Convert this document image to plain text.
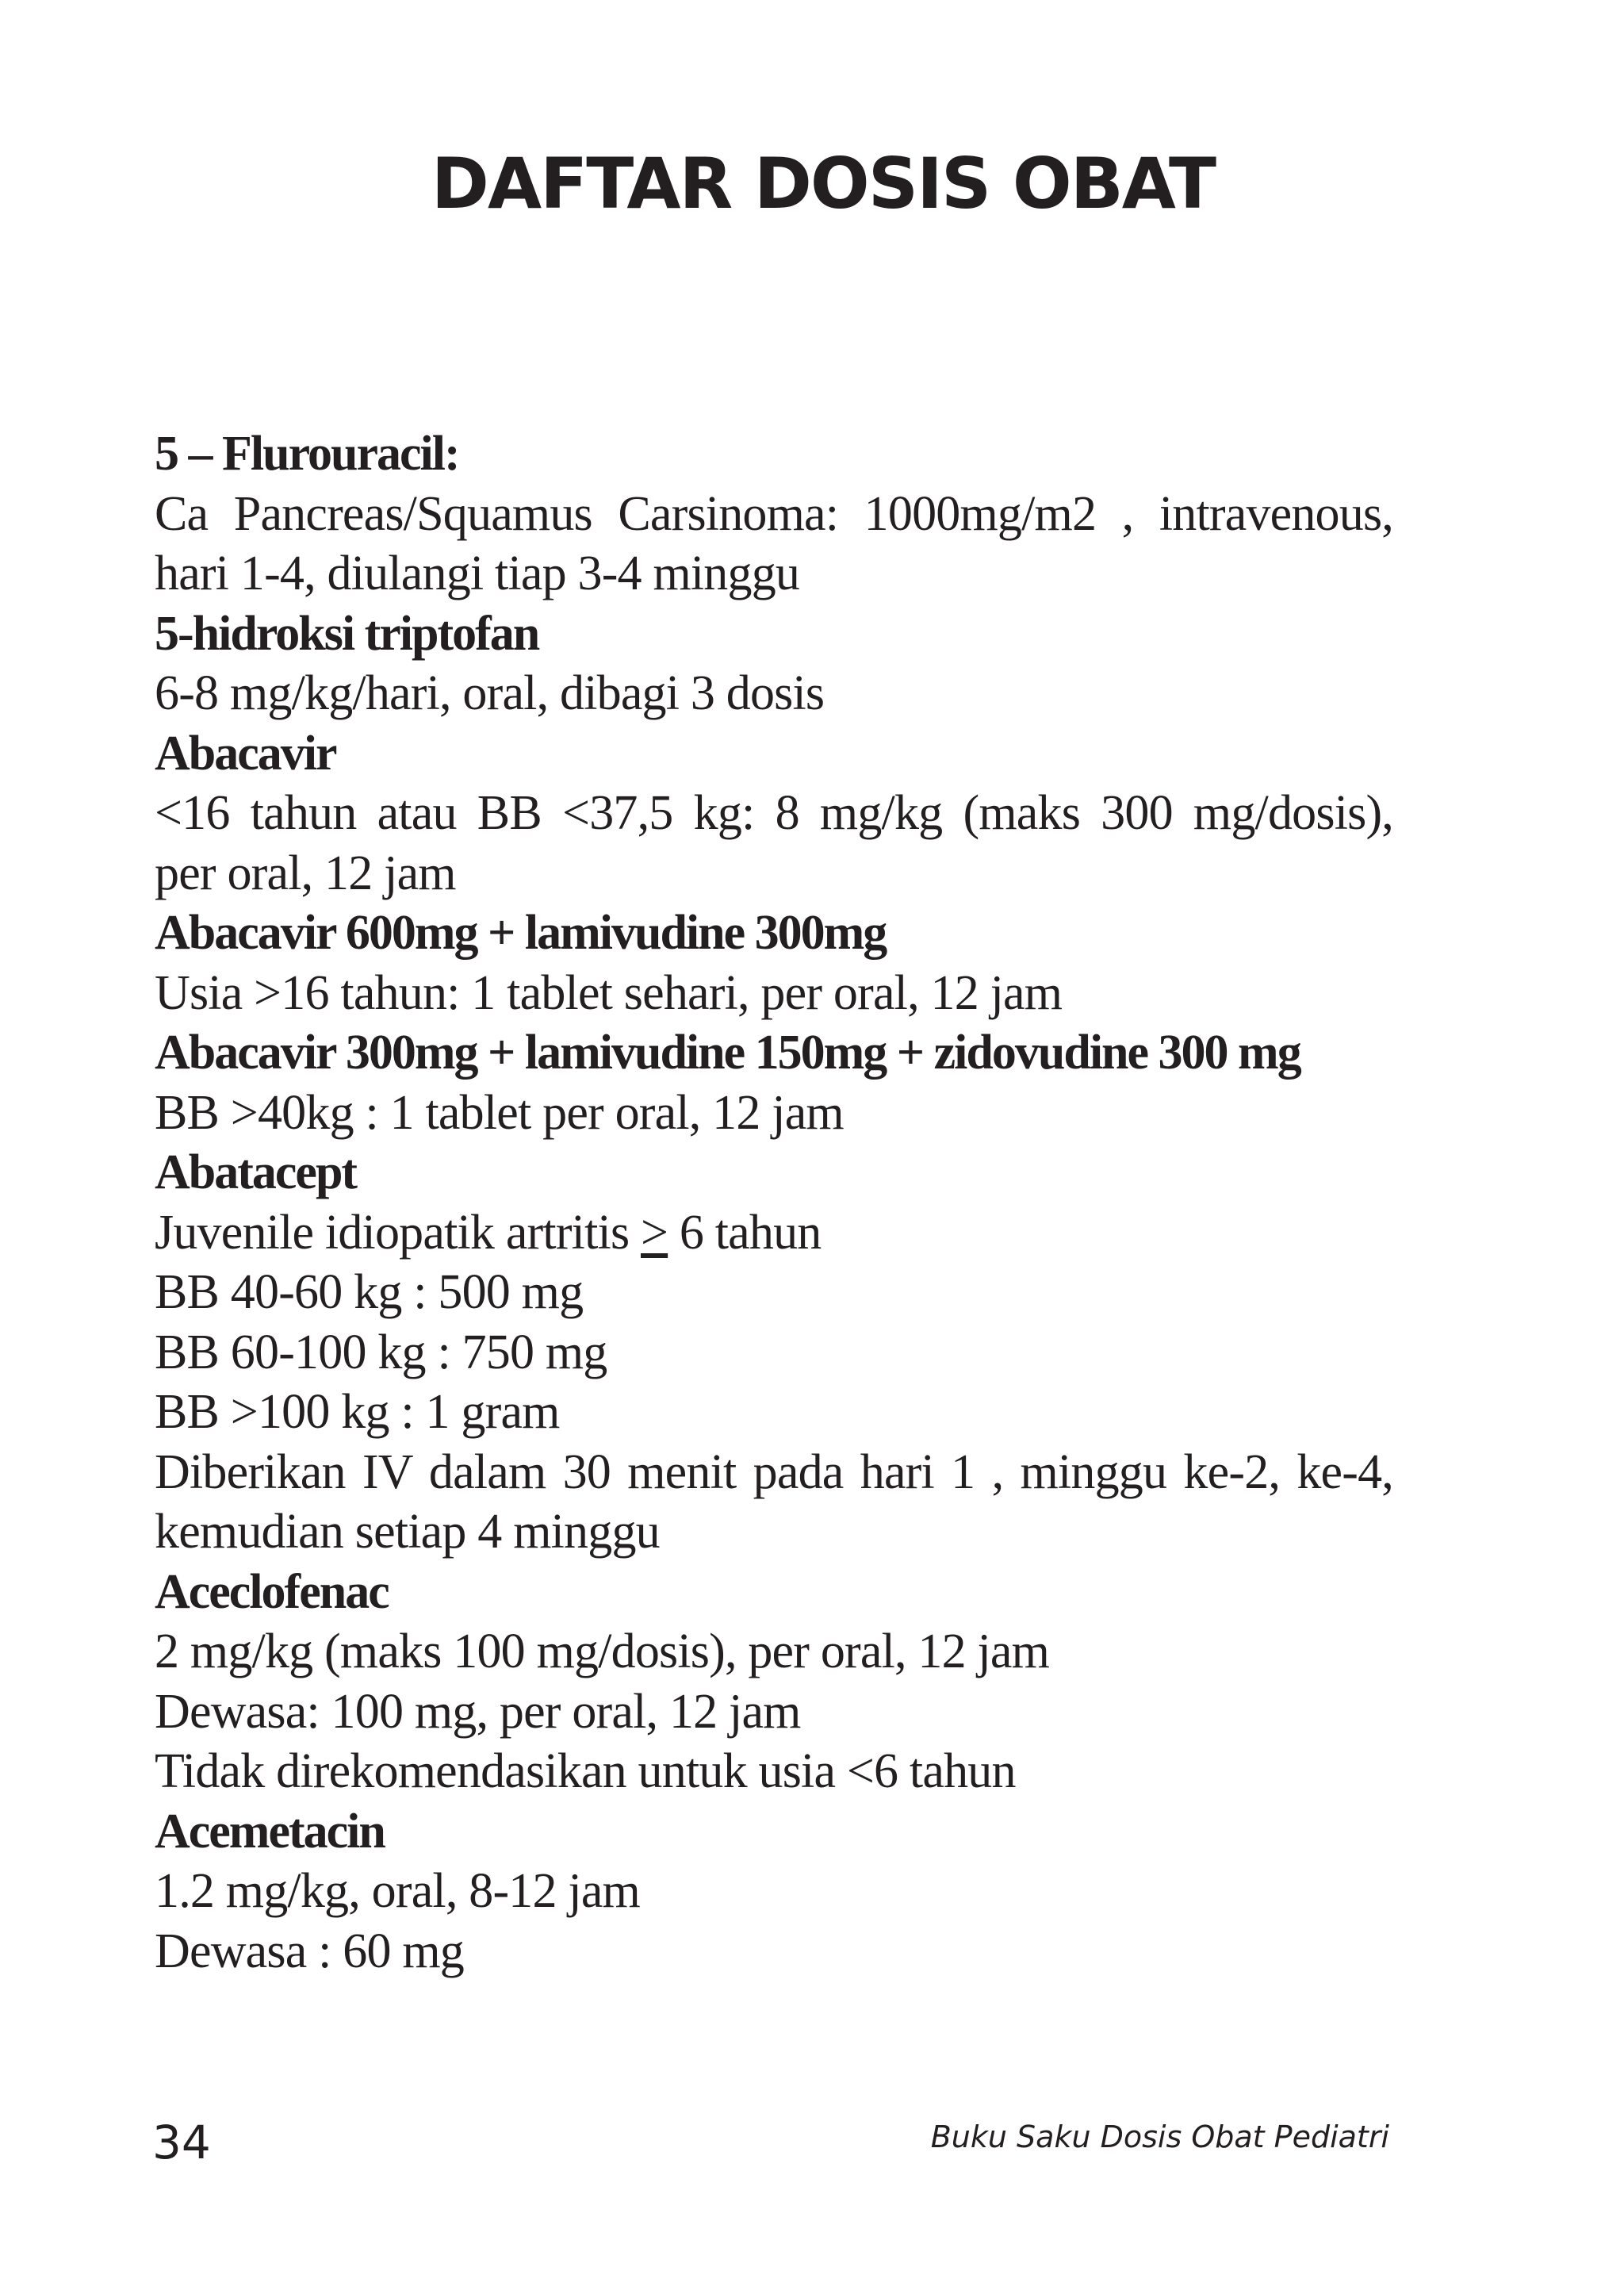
DAFTAR DOSIS OBAT
5 – Flurouracil:
Ca Pancreas/Squamus Carsinoma: 1000mg/m2 , intravenous,
hari 1-4, diulangi tiap 3-4 minggu
5-hidroksi triptofan
6-8 mg/kg/hari, oral, dibagi 3 dosis
Abacavir
<16 tahun atau BB <37,5 kg: 8 mg/kg (maks 300 mg/dosis),
per oral, 12 jam
Abacavir 600mg + lamivudine 300mg
Usia >16 tahun: 1 tablet sehari, per oral, 12 jam
Abacavir 300mg + lamivudine 150mg + zidovudine 300 mg
BB >40kg : 1 tablet per oral, 12 jam
Abatacept
Juvenile idiopatik artritis ≥ 6 tahun
BB 40-60 kg : 500 mg
BB 60-100 kg : 750 mg
BB >100 kg : 1 gram
Diberikan IV dalam 30 menit pada hari 1 , minggu ke-2, ke-4,
kemudian setiap 4 minggu
Aceclofenac
2 mg/kg (maks 100 mg/dosis), per oral, 12 jam
Dewasa: 100 mg, per oral, 12 jam
Tidak direkomendasikan untuk usia <6 tahun
Acemetacin
1.2 mg/kg, oral, 8-12 jam
Dewasa : 60 mg
34	Buku Saku Dosis Obat Pediatri
